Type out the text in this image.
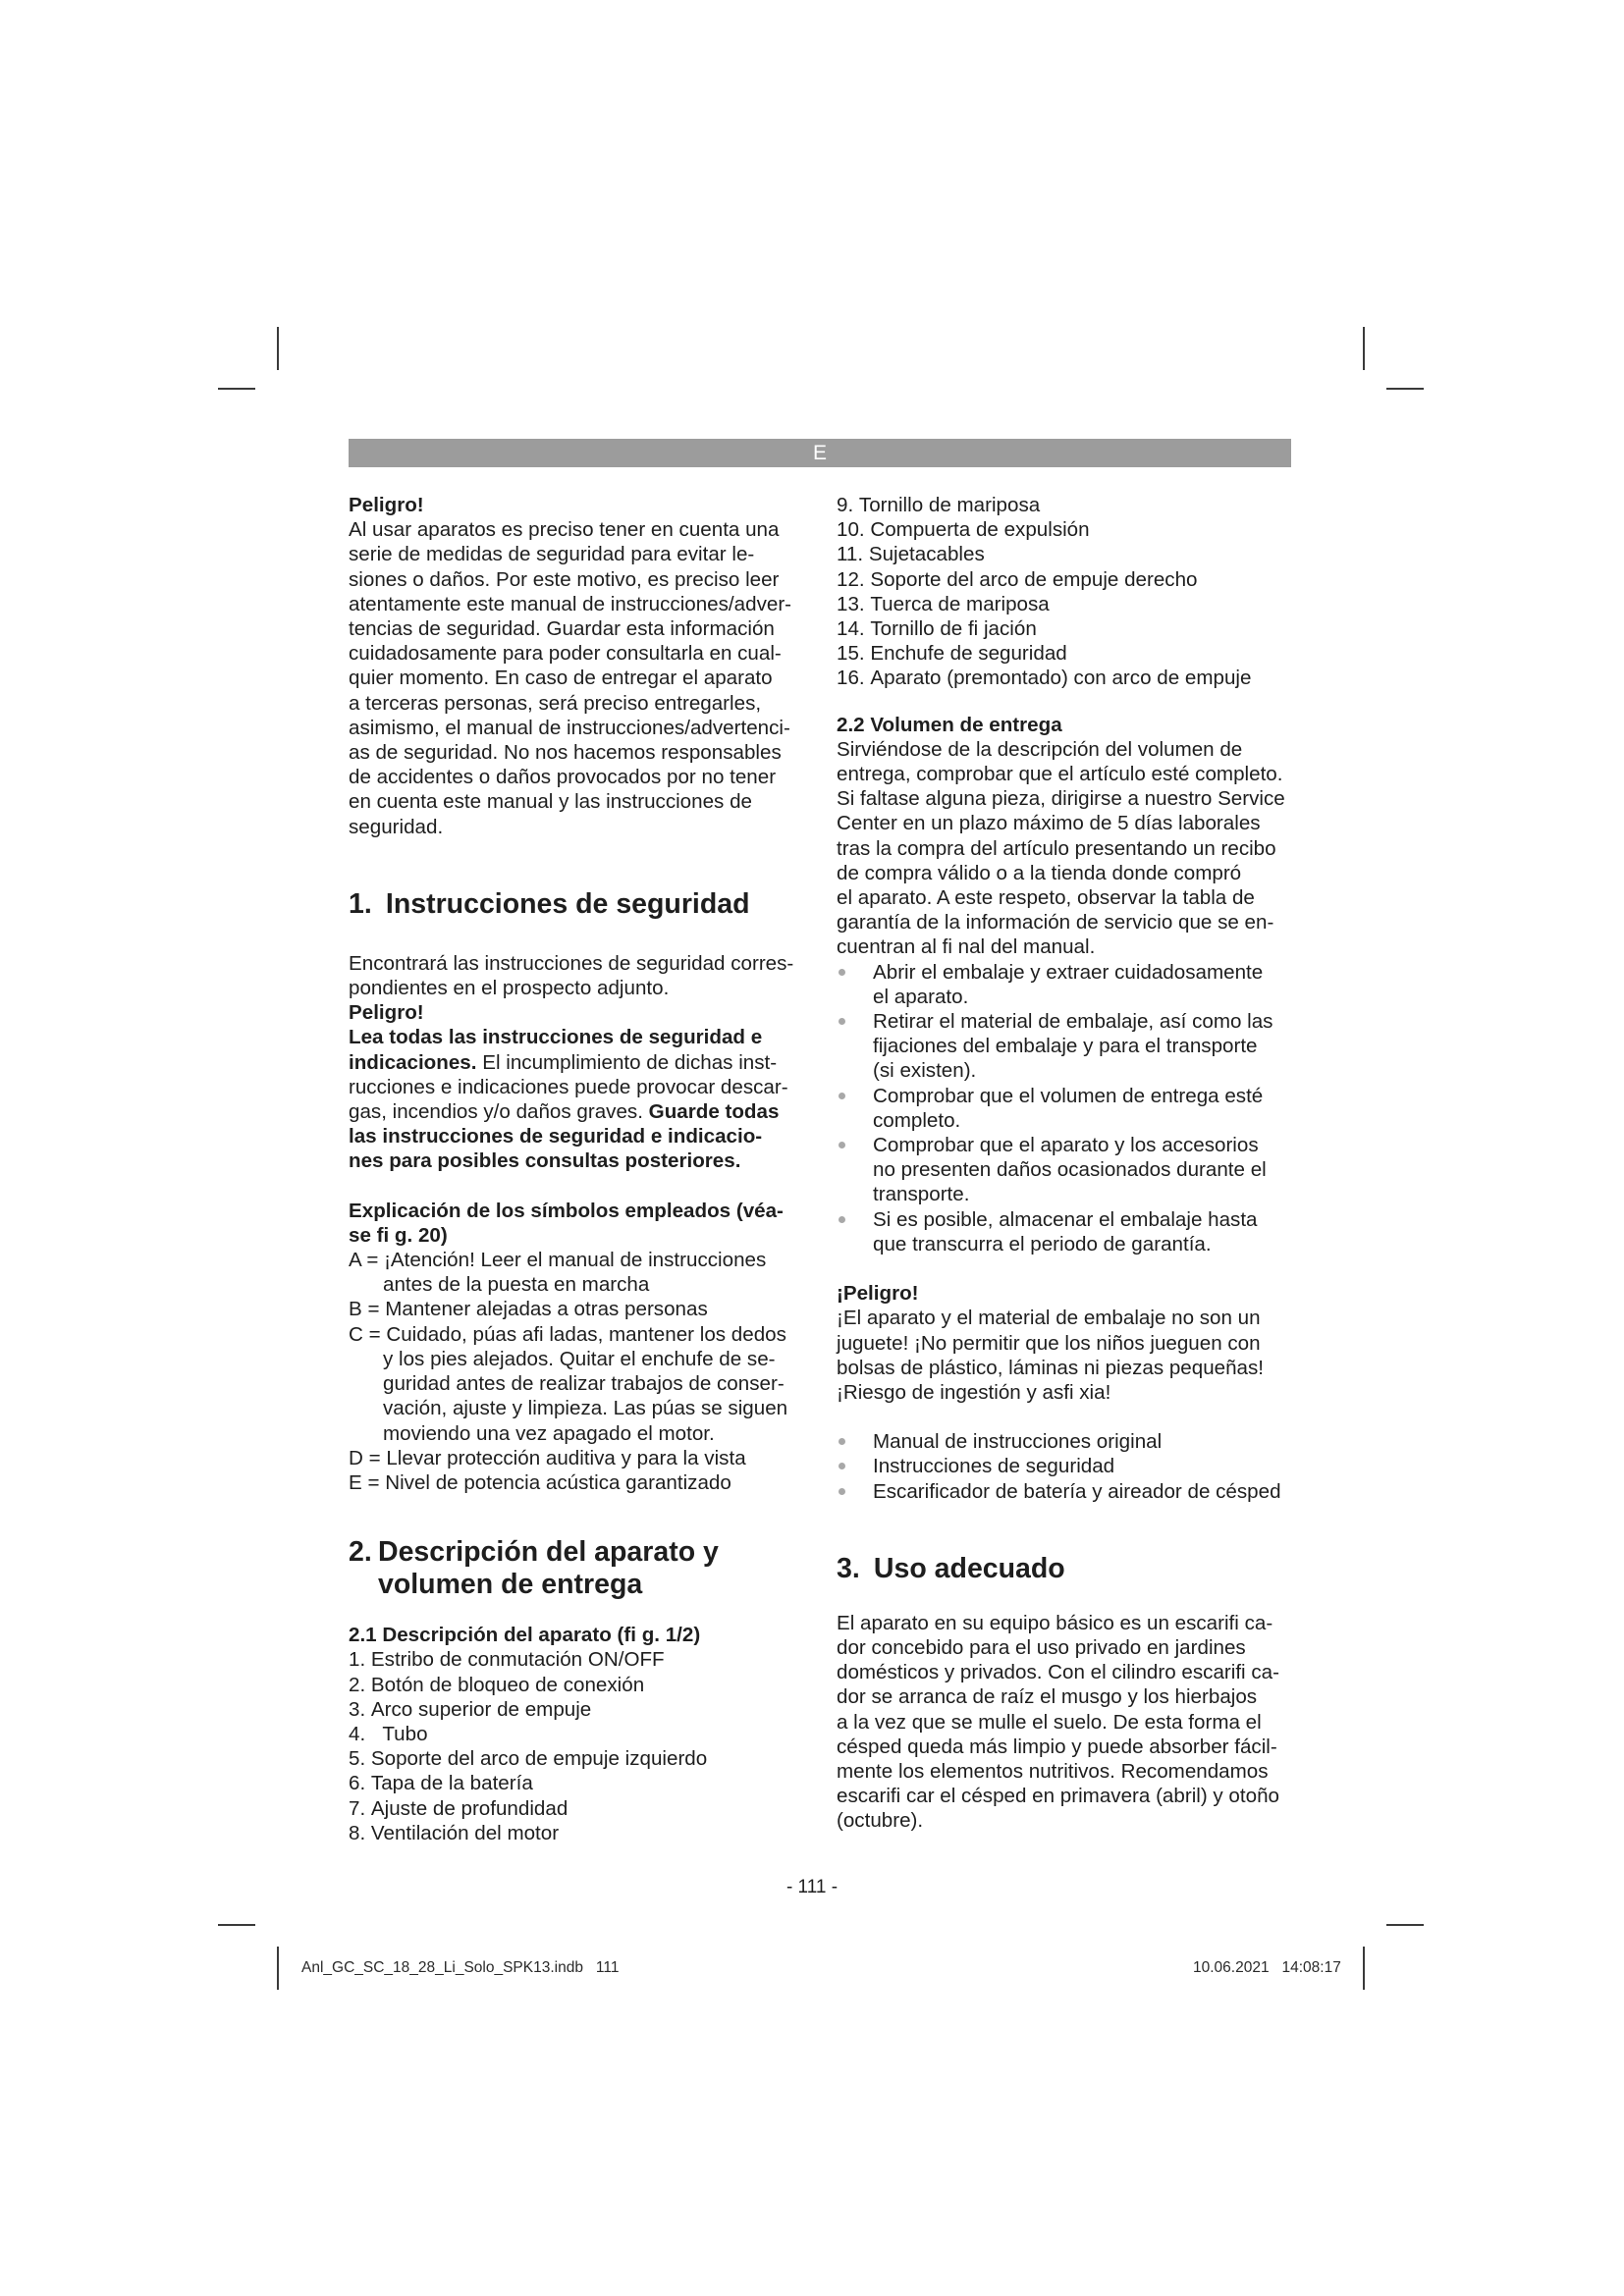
E

Peligro!

Al usar aparatos es preciso tener en cuenta una

serie de medidas de seguridad para evitar le-

siones o daños. Por este motivo, es preciso leer

atentamente este manual de instrucciones/adver-

tencias de seguridad. Guardar esta información

cuidadosamente para poder consultarla en cual-

quier momento. En caso de entregar el aparato

a terceras personas, será preciso entregarles,

asimismo, el manual de instrucciones/advertenci-

as de seguridad. No nos hacemos responsables

de accidentes o daños provocados por no tener

en cuenta este manual y las instrucciones de

seguridad.

1. Instrucciones de seguridad

Encontrará las instrucciones de seguridad corres-

pondientes en el prospecto adjunto.

Peligro!

Lea todas las instrucciones de seguridad e

indicaciones. El incumplimiento de dichas inst-

rucciones e indicaciones puede provocar descar-

gas, incendios y/o daños graves. Guarde todas

las instrucciones de seguridad e indicacio-

nes para posibles consultas posteriores.

Explicación de los símbolos empleados (véa-

se fi g. 20)

A = ¡Atención! Leer el manual de instrucciones

antes de la puesta en marcha

B = Mantener alejadas a otras personas

C = Cuidado, púas afi ladas, mantener los dedos

y los pies alejados. Quitar el enchufe de se-

guridad antes de realizar trabajos de conser-

vación, ajuste y limpieza. Las púas se siguen

moviendo una vez apagado el motor.

D = Llevar protección auditiva y para la vista

E = Nivel de potencia acústica garantizado

2. Descripción del aparato y
volumen de entrega

2.1 Descripción del aparato (fi g. 1/2)

1. Estribo de conmutación ON/OFF
2. Botón de bloqueo de conexión
3. Arco superior de empuje
4. Tubo
5. Soporte del arco de empuje izquierdo
6. Tapa de la batería
7. Ajuste de profundidad
8. Ventilación del motor
9. Tornillo de mariposa
10. Compuerta de expulsión
11. Sujetacables
12. Soporte del arco de empuje derecho
13. Tuerca de mariposa
14. Tornillo de fi jación
15. Enchufe de seguridad
16. Aparato (premontado) con arco de empuje

2.2 Volumen de entrega

Sirviéndose de la descripción del volumen de

entrega, comprobar que el artículo esté completo.

Si faltase alguna pieza, dirigirse a nuestro Service

Center en un plazo máximo de 5 días laborales

tras la compra del artículo presentando un recibo

de compra válido o a la tienda donde compró

el aparato. A este respeto, observar la tabla de

garantía de la información de servicio que se en-

cuentran al fi nal del manual.

Abrir el embalaje y extraer cuidadosamente

el aparato.

Retirar el material de embalaje, así como las

fijaciones del embalaje y para el transporte

(si existen).

Comprobar que el volumen de entrega esté

completo.

Comprobar que el aparato y los accesorios

no presenten daños ocasionados durante el

transporte.

Si es posible, almacenar el embalaje hasta

que transcurra el periodo de garantía.

¡Peligro!

¡El aparato y el material de embalaje no son un

juguete! ¡No permitir que los niños jueguen con

bolsas de plástico, láminas ni piezas pequeñas!

¡Riesgo de ingestión y asfi xia!

Manual de instrucciones original
Instrucciones de seguridad
Escarificador de batería y aireador de césped
3. Uso adecuado

El aparato en su equipo básico es un escarifi ca-

dor concebido para el uso privado en jardines

domésticos y privados. Con el cilindro escarifi ca-

dor se arranca de raíz el musgo y los hierbajos

a la vez que se mulle el suelo. De esta forma el

césped queda más limpio y puede absorber fácil-

mente los elementos nutritivos. Recomendamos

escarifi car el césped en primavera (abril) y otoño

(octubre).

- 111 -
Anl_GC_SC_18_28_Li_Solo_SPK13.indb   111	10.06.2021   14:08:17
